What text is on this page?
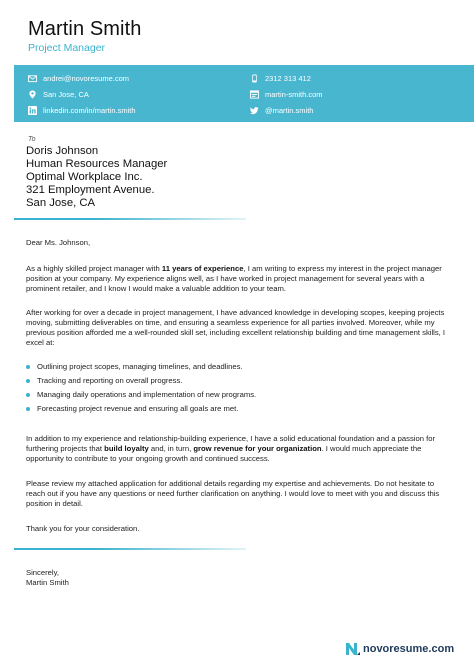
Martin Smith
Project Manager
andrei@novoresume.com	2312 313 412
San Jose, CA	martin-smith.com
linkedin.com/in/martin.smith	@martin.smith
To
Doris Johnson
Human Resources Manager
Optimal Workplace Inc.
321 Employment Avenue.
San Jose, CA
Dear Ms. Johnson,
As a highly skilled project manager with 11 years of experience, I am writing to express my interest in the project manager position at your company. My experience aligns well, as I have worked in project management for several years with a prominent retailer, and I know I would make a valuable addition to your team.
After working for over a decade in project management, I have advanced knowledge in developing scopes, keeping projects moving, submitting deliverables on time, and ensuring a seamless experience for all parties involved. Moreover, while my previous position afforded me a well-rounded skill set, including excellent relationship building and time management skills, I excel at:
Outlining project scopes, managing timelines, and deadlines.
Tracking and reporting on overall progress.
Managing daily operations and implementation of new programs.
Forecasting project revenue and ensuring all goals are met.
In addition to my experience and relationship-building experience, I have a solid educational foundation and a passion for furthering projects that build loyalty and, in turn, grow revenue for your organization. I would much appreciate the opportunity to contribute to your ongoing growth and continued success.
Please review my attached application for additional details regarding my expertise and achievements. Do not hesitate to reach out if you have any questions or need further clarification on anything. I would love to meet with you and discuss this position in detail.
Thank you for your consideration.
Sincerely,
Martin Smith
novoresume .com
